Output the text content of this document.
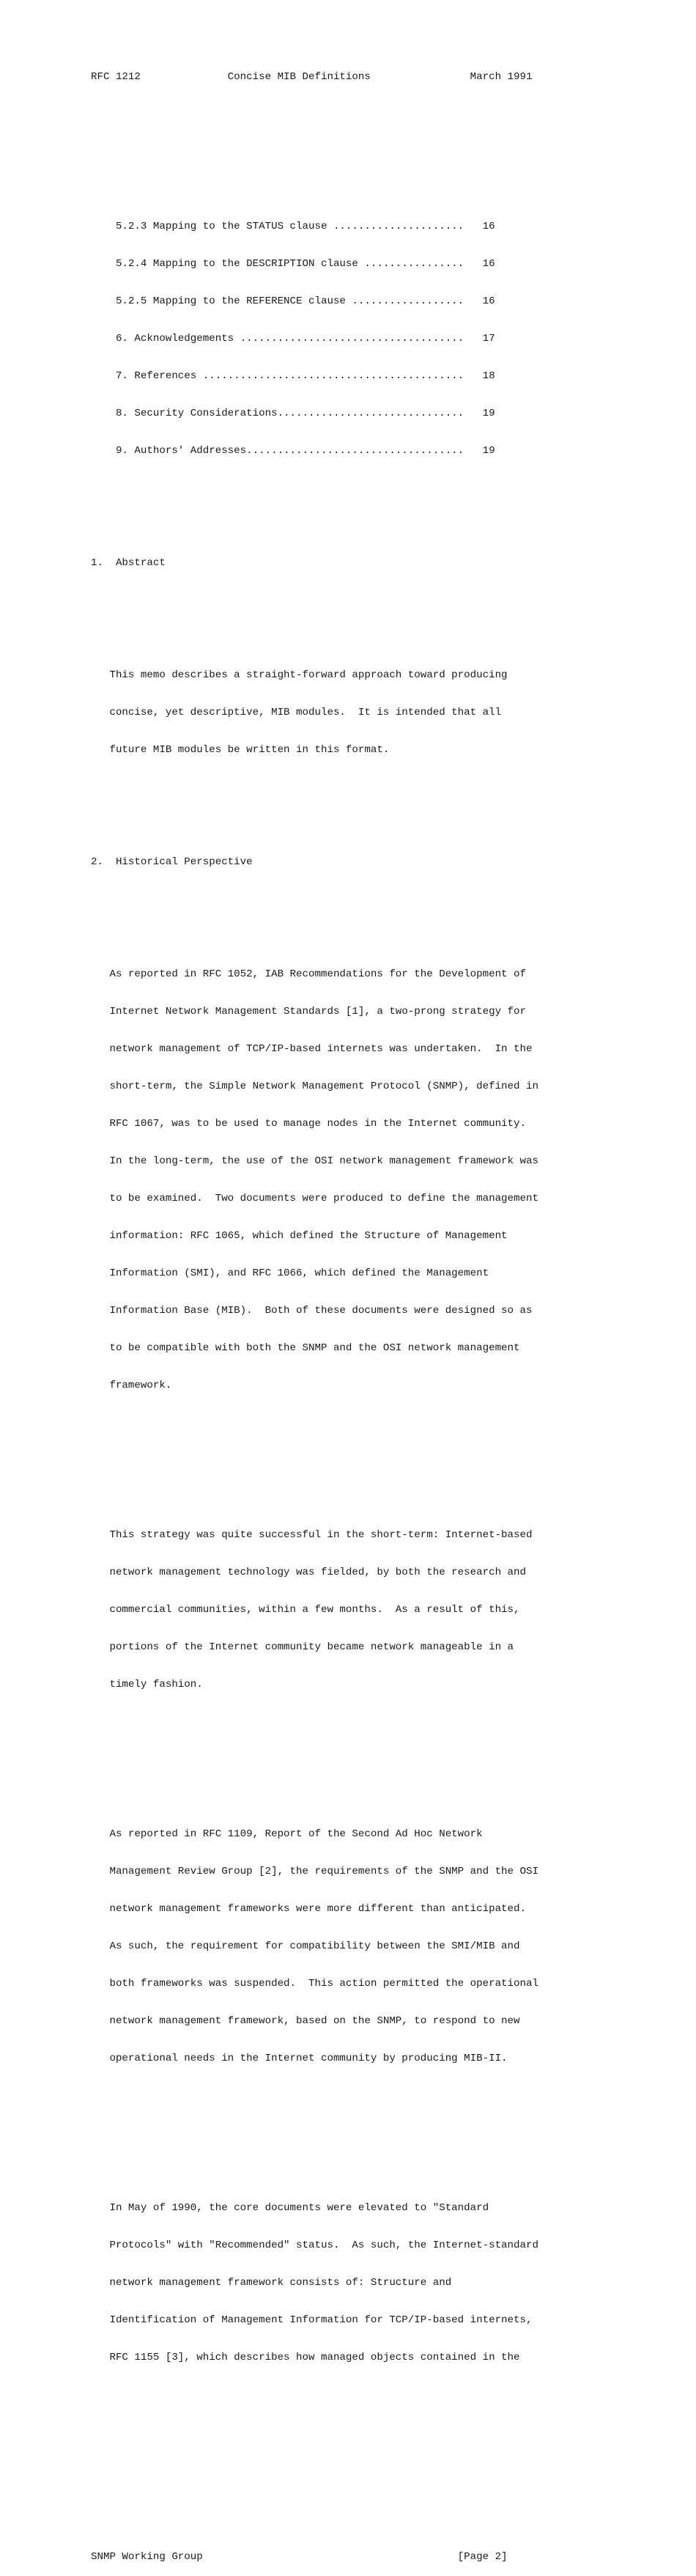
RFC 1212              Concise MIB Definitions                March 1991

5.2.3 Mapping to the STATUS clause .....................   16

5.2.4 Mapping to the DESCRIPTION clause ................   16

5.2.5 Mapping to the REFERENCE clause ..................   16

6. Acknowledgements ....................................   17

7. References ..........................................   18

8. Security Considerations..............................   19

9. Authors' Addresses...................................   19

1.  Abstract

This memo describes a straight-forward approach toward producing

concise, yet descriptive, MIB modules.  It is intended that all

future MIB modules be written in this format.

2.  Historical Perspective

As reported in RFC 1052, IAB Recommendations for the Development of

Internet Network Management Standards [1], a two-prong strategy for

network management of TCP/IP-based internets was undertaken.  In the

short-term, the Simple Network Management Protocol (SNMP), defined in

RFC 1067, was to be used to manage nodes in the Internet community.

In the long-term, the use of the OSI network management framework was

to be examined.  Two documents were produced to define the management

information: RFC 1065, which defined the Structure of Management

Information (SMI), and RFC 1066, which defined the Management

Information Base (MIB).  Both of these documents were designed so as

to be compatible with both the SNMP and the OSI network management

framework.

This strategy was quite successful in the short-term: Internet-based

network management technology was fielded, by both the research and

commercial communities, within a few months.  As a result of this,

portions of the Internet community became network manageable in a

timely fashion.

As reported in RFC 1109, Report of the Second Ad Hoc Network

Management Review Group [2], the requirements of the SNMP and the OSI

network management frameworks were more different than anticipated.

As such, the requirement for compatibility between the SMI/MIB and

both frameworks was suspended.  This action permitted the operational

network management framework, based on the SNMP, to respond to new

operational needs in the Internet community by producing MIB-II.

In May of 1990, the core documents were elevated to "Standard

Protocols" with "Recommended" status.  As such, the Internet-standard

network management framework consists of: Structure and

Identification of Management Information for TCP/IP-based internets,

RFC 1155 [3], which describes how managed objects contained in the

SNMP Working Group                                         [Page 2]
